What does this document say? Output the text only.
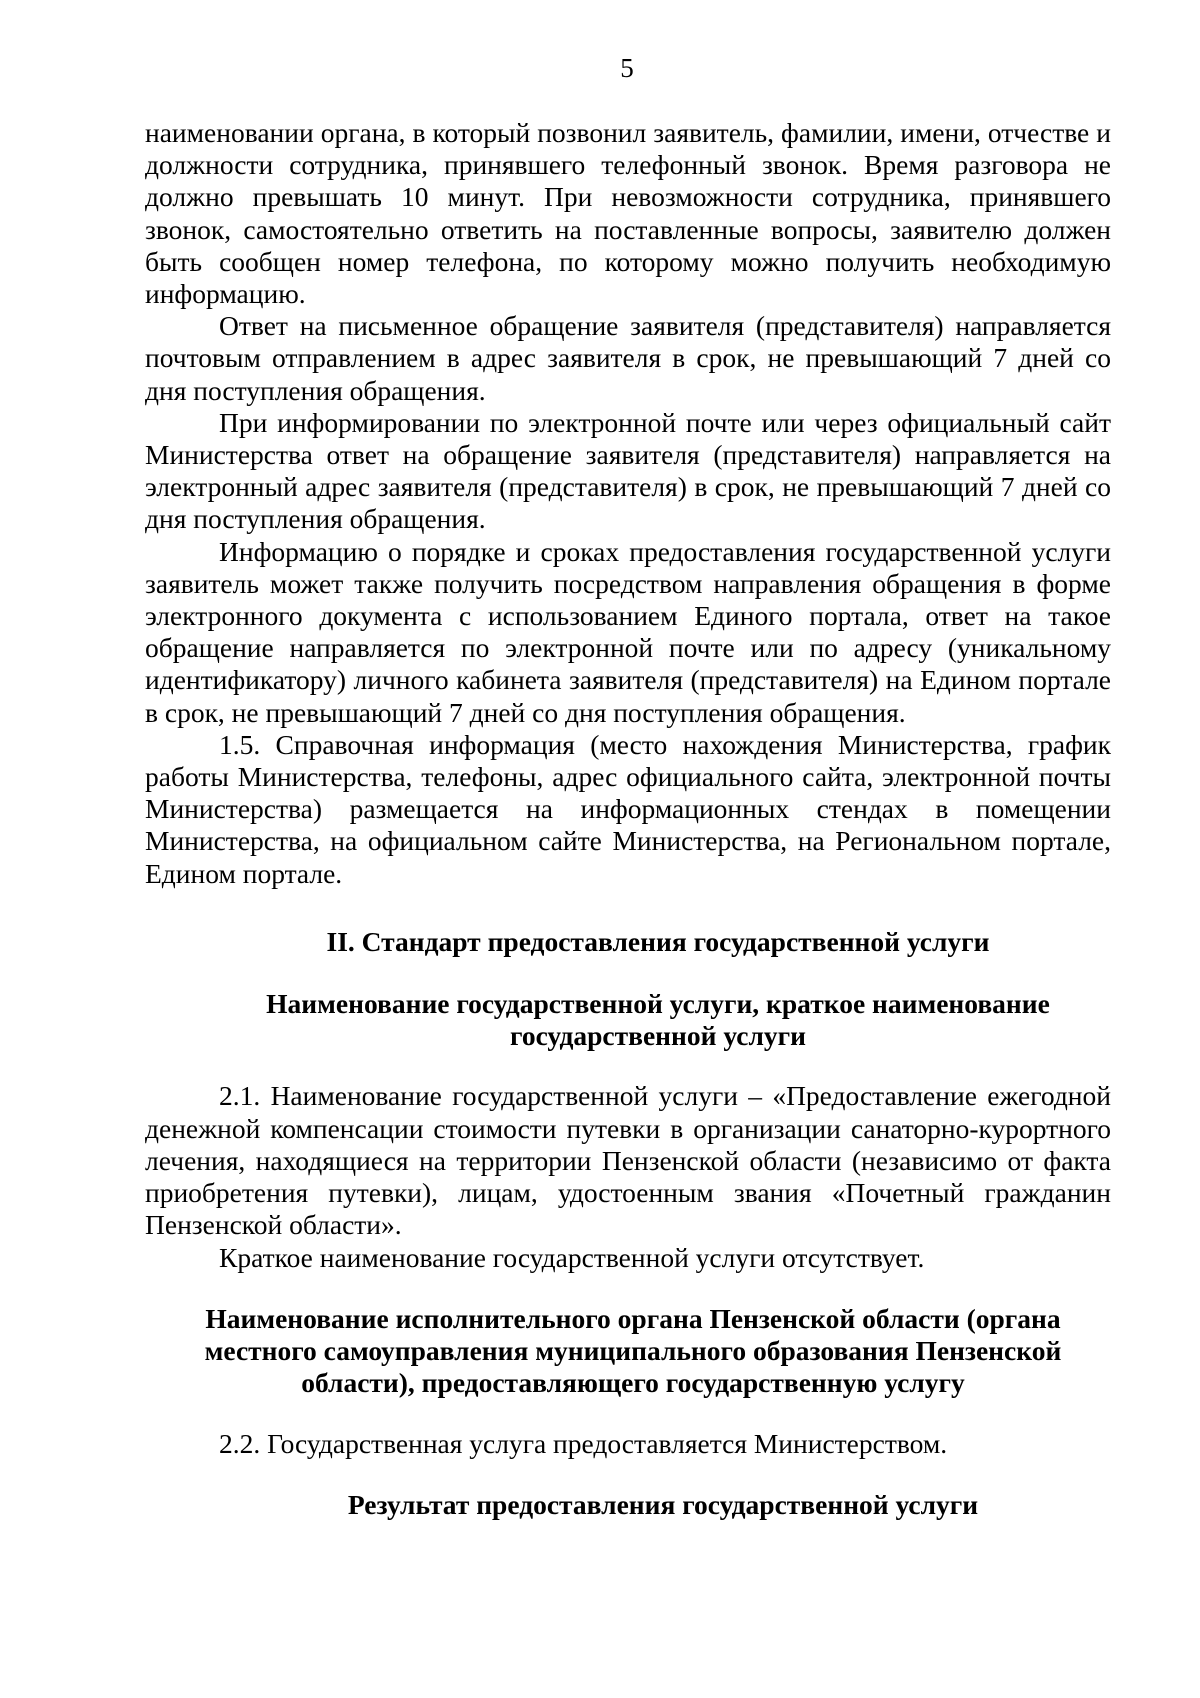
5

наименовании органа, в который позвонил заявитель, фамилии, имени, отчестве и должности сотрудника, принявшего телефонный звонок. Время разговора не должно превышать 10 минут. При невозможности сотрудника, принявшего звонок, самостоятельно ответить на поставленные вопросы, заявителю должен быть сообщен номер телефона, по которому можно получить необходимую информацию.

Ответ на письменное обращение заявителя (представителя) направляется почтовым отправлением в адрес заявителя в срок, не превышающий 7 дней со дня поступления обращения.

При информировании по электронной почте или через официальный сайт Министерства ответ на обращение заявителя (представителя) направляется на электронный адрес заявителя (представителя) в срок, не превышающий 7 дней со дня поступления обращения.

Информацию о порядке и сроках предоставления государственной услуги заявитель может также получить посредством направления обращения в форме электронного документа с использованием Единого портала, ответ на такое обращение направляется по электронной почте или по адресу (уникальному идентификатору) личного кабинета заявителя (представителя) на Едином портале в срок, не превышающий 7 дней со дня поступления обращения.

1.5. Справочная информация (место нахождения Министерства, график работы Министерства, телефоны, адрес официального сайта, электронной почты Министерства) размещается на информационных стендах в помещении Министерства, на официальном сайте Министерства, на Региональном портале, Едином портале.

II. Стандарт предоставления государственной услуги
Наименование государственной услуги, краткое наименование государственной услуги

2.1. Наименование государственной услуги – «Предоставление ежегодной денежной компенсации стоимости путевки в организации санаторно-курортного лечения, находящиеся на территории Пензенской области (независимо от факта приобретения путевки), лицам, удостоенным звания «Почетный гражданин Пензенской области».

Краткое наименование государственной услуги отсутствует.

Наименование исполнительного органа Пензенской области (органа местного самоуправления муниципального образования Пензенской области), предоставляющего государственную услугу

2.2. Государственная услуга предоставляется Министерством.

Результат предоставления государственной услуги
